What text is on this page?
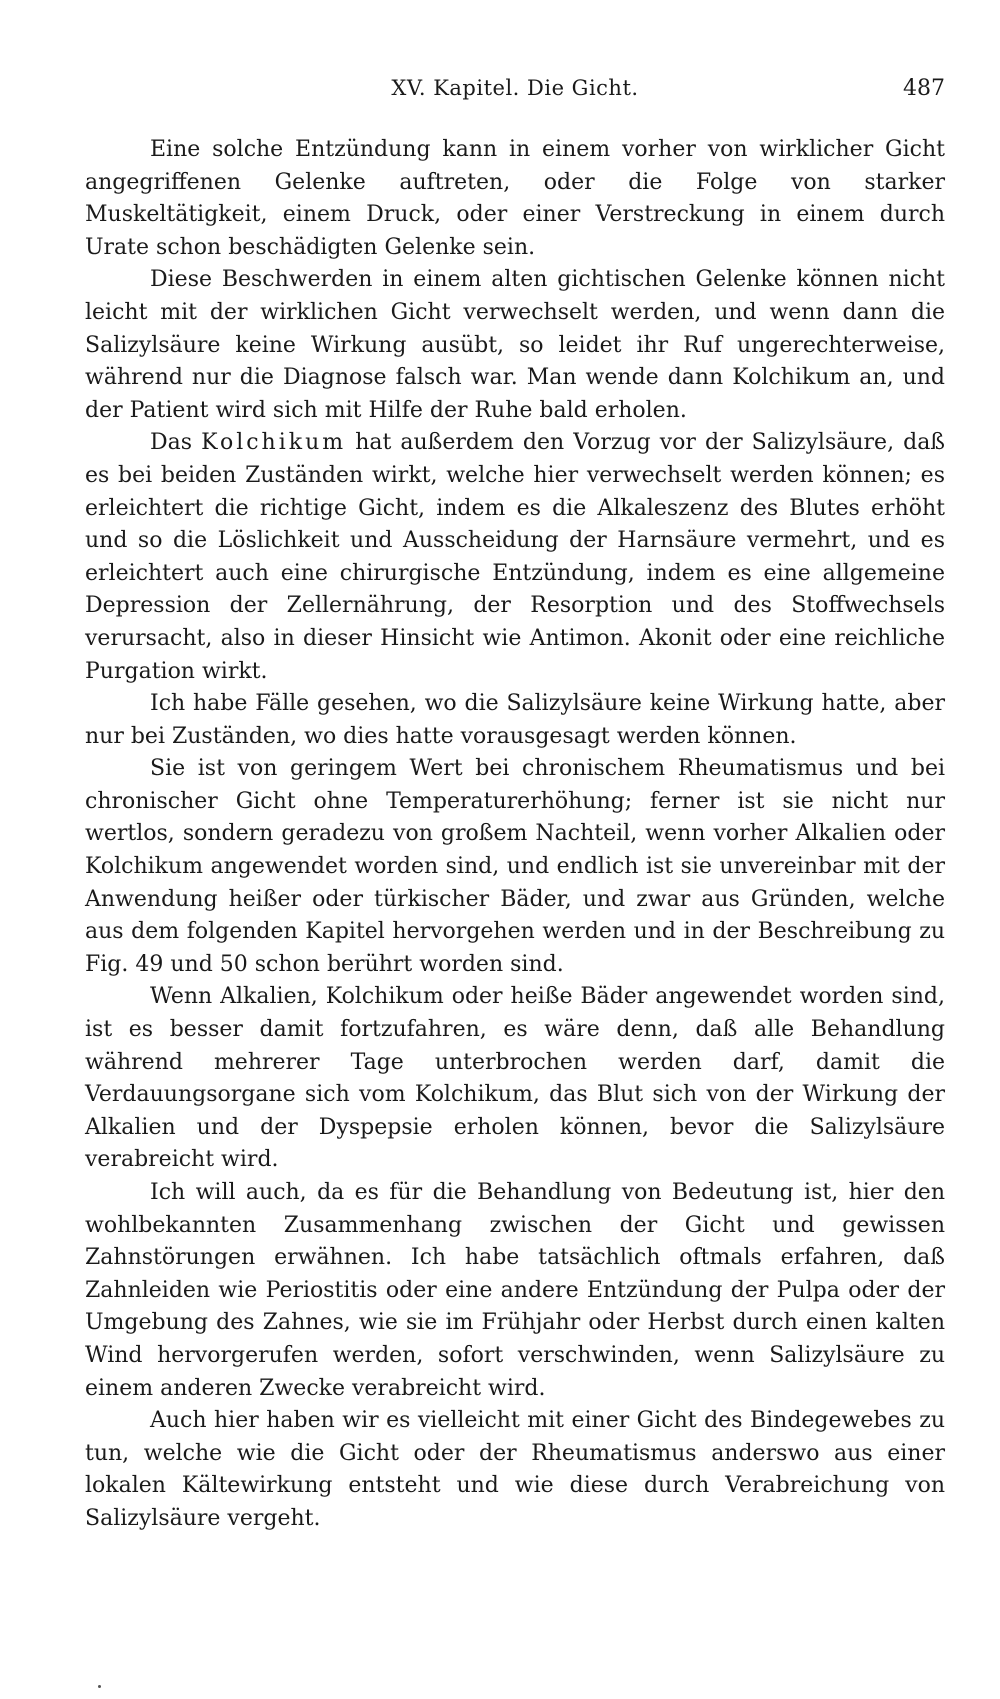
XV. Kapitel. Die Gicht.	487

Eine solche Entzündung kann in einem vorher von wirklicher Gicht angegriffenen Gelenke auftreten, oder die Folge von starker Muskeltätigkeit, einem Druck, oder einer Verstreckung in einem durch Urate schon beschädigten Gelenke sein.

Diese Beschwerden in einem alten gichtischen Gelenke können nicht leicht mit der wirklichen Gicht verwechselt werden, und wenn dann die Salizylsäure keine Wirkung ausübt, so leidet ihr Ruf ungerechterweise, während nur die Diagnose falsch war. Man wende dann Kolchikum an, und der Patient wird sich mit Hilfe der Ruhe bald erholen.

Das Kolchikum hat außerdem den Vorzug vor der Salizylsäure, daß es bei beiden Zuständen wirkt, welche hier verwechselt werden können; es erleichtert die richtige Gicht, indem es die Alkaleszenz des Blutes erhöht und so die Löslichkeit und Ausscheidung der Harnsäure vermehrt, und es erleichtert auch eine chirurgische Entzündung, indem es eine allgemeine Depression der Zellernährung, der Resorption und des Stoffwechsels verursacht, also in dieser Hinsicht wie Antimon. Akonit oder eine reichliche Purgation wirkt.

Ich habe Fälle gesehen, wo die Salizylsäure keine Wirkung hatte, aber nur bei Zuständen, wo dies hatte vorausgesagt werden können.

Sie ist von geringem Wert bei chronischem Rheumatismus und bei chronischer Gicht ohne Temperaturerhöhung; ferner ist sie nicht nur wertlos, sondern geradezu von großem Nachteil, wenn vorher Alkalien oder Kolchikum angewendet worden sind, und endlich ist sie unvereinbar mit der Anwendung heißer oder türkischer Bäder, und zwar aus Gründen, welche aus dem folgenden Kapitel hervorgehen werden und in der Beschreibung zu Fig. 49 und 50 schon berührt worden sind.

Wenn Alkalien, Kolchikum oder heiße Bäder angewendet worden sind, ist es besser damit fortzufahren, es wäre denn, daß alle Behandlung während mehrerer Tage unterbrochen werden darf, damit die Verdauungsorgane sich vom Kolchikum, das Blut sich von der Wirkung der Alkalien und der Dyspepsie erholen können, bevor die Salizylsäure verabreicht wird.

Ich will auch, da es für die Behandlung von Bedeutung ist, hier den wohlbekannten Zusammenhang zwischen der Gicht und gewissen Zahnstörungen erwähnen. Ich habe tatsächlich oftmals erfahren, daß Zahnleiden wie Periostitis oder eine andere Entzündung der Pulpa oder der Umgebung des Zahnes, wie sie im Frühjahr oder Herbst durch einen kalten Wind hervorgerufen werden, sofort verschwinden, wenn Salizylsäure zu einem anderen Zwecke verabreicht wird.

Auch hier haben wir es vielleicht mit einer Gicht des Bindegewebes zu tun, welche wie die Gicht oder der Rheumatismus anderswo aus einer lokalen Kältewirkung entsteht und wie diese durch Verabreichung von Salizylsäure vergeht.
